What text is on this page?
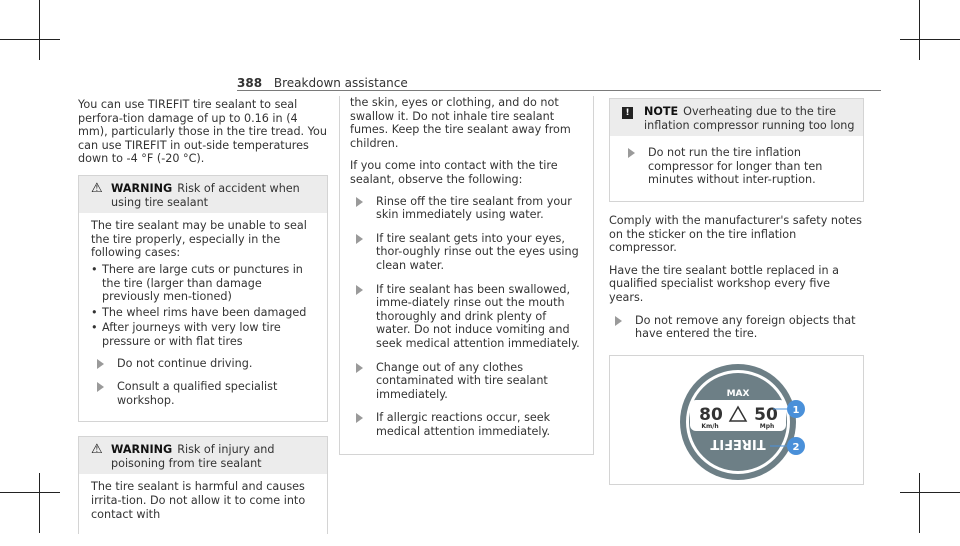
388 Breakdown assistance

You can use TIREFIT tire sealant to seal perfora-tion damage of up to 0.16 in (4 mm), particularly those in the tire tread. You can use TIREFIT in out-side temperatures down to -4 °F (-20 °C).

⚠ WARNING Risk of accident when using tire sealant

The tire sealant may be unable to seal the tire properly, especially in the following cases:

• There are large cuts or punctures in the tire (larger than damage previously men-tioned)
• The wheel rims have been damaged
• After journeys with very low tire pressure or with flat tires
Do not continue driving.
Consult a qualified specialist workshop.
⚠ WARNING Risk of injury and poisoning from tire sealant

The tire sealant is harmful and causes irrita-tion. Do not allow it to come into contact with

the skin, eyes or clothing, and do not swallow it. Do not inhale tire sealant fumes. Keep the tire sealant away from children.

If you come into contact with the tire sealant, observe the following:

Rinse off the tire sealant from your skin immediately using water.
If tire sealant gets into your eyes, thor-oughly rinse out the eyes using clean water.
If tire sealant has been swallowed, imme-diately rinse out the mouth thoroughly and drink plenty of water. Do not induce vomiting and seek medical attention immediately.
Change out of any clothes contaminated with tire sealant immediately.
If allergic reactions occur, seek medical attention immediately.
!	NOTE Overheating due to the tire inflation compressor running too long
Do not run the tire inflation compressor for longer than ten minutes without inter-ruption.

Comply with the manufacturer's safety notes on the sticker on the tire inflation compressor.

Have the tire sealant bottle replaced in a qualified specialist workshop every five years.

Do not remove any foreign objects that have entered the tire.
MAX
80 50
Km/h	Mph
TIREFIT
1
2
